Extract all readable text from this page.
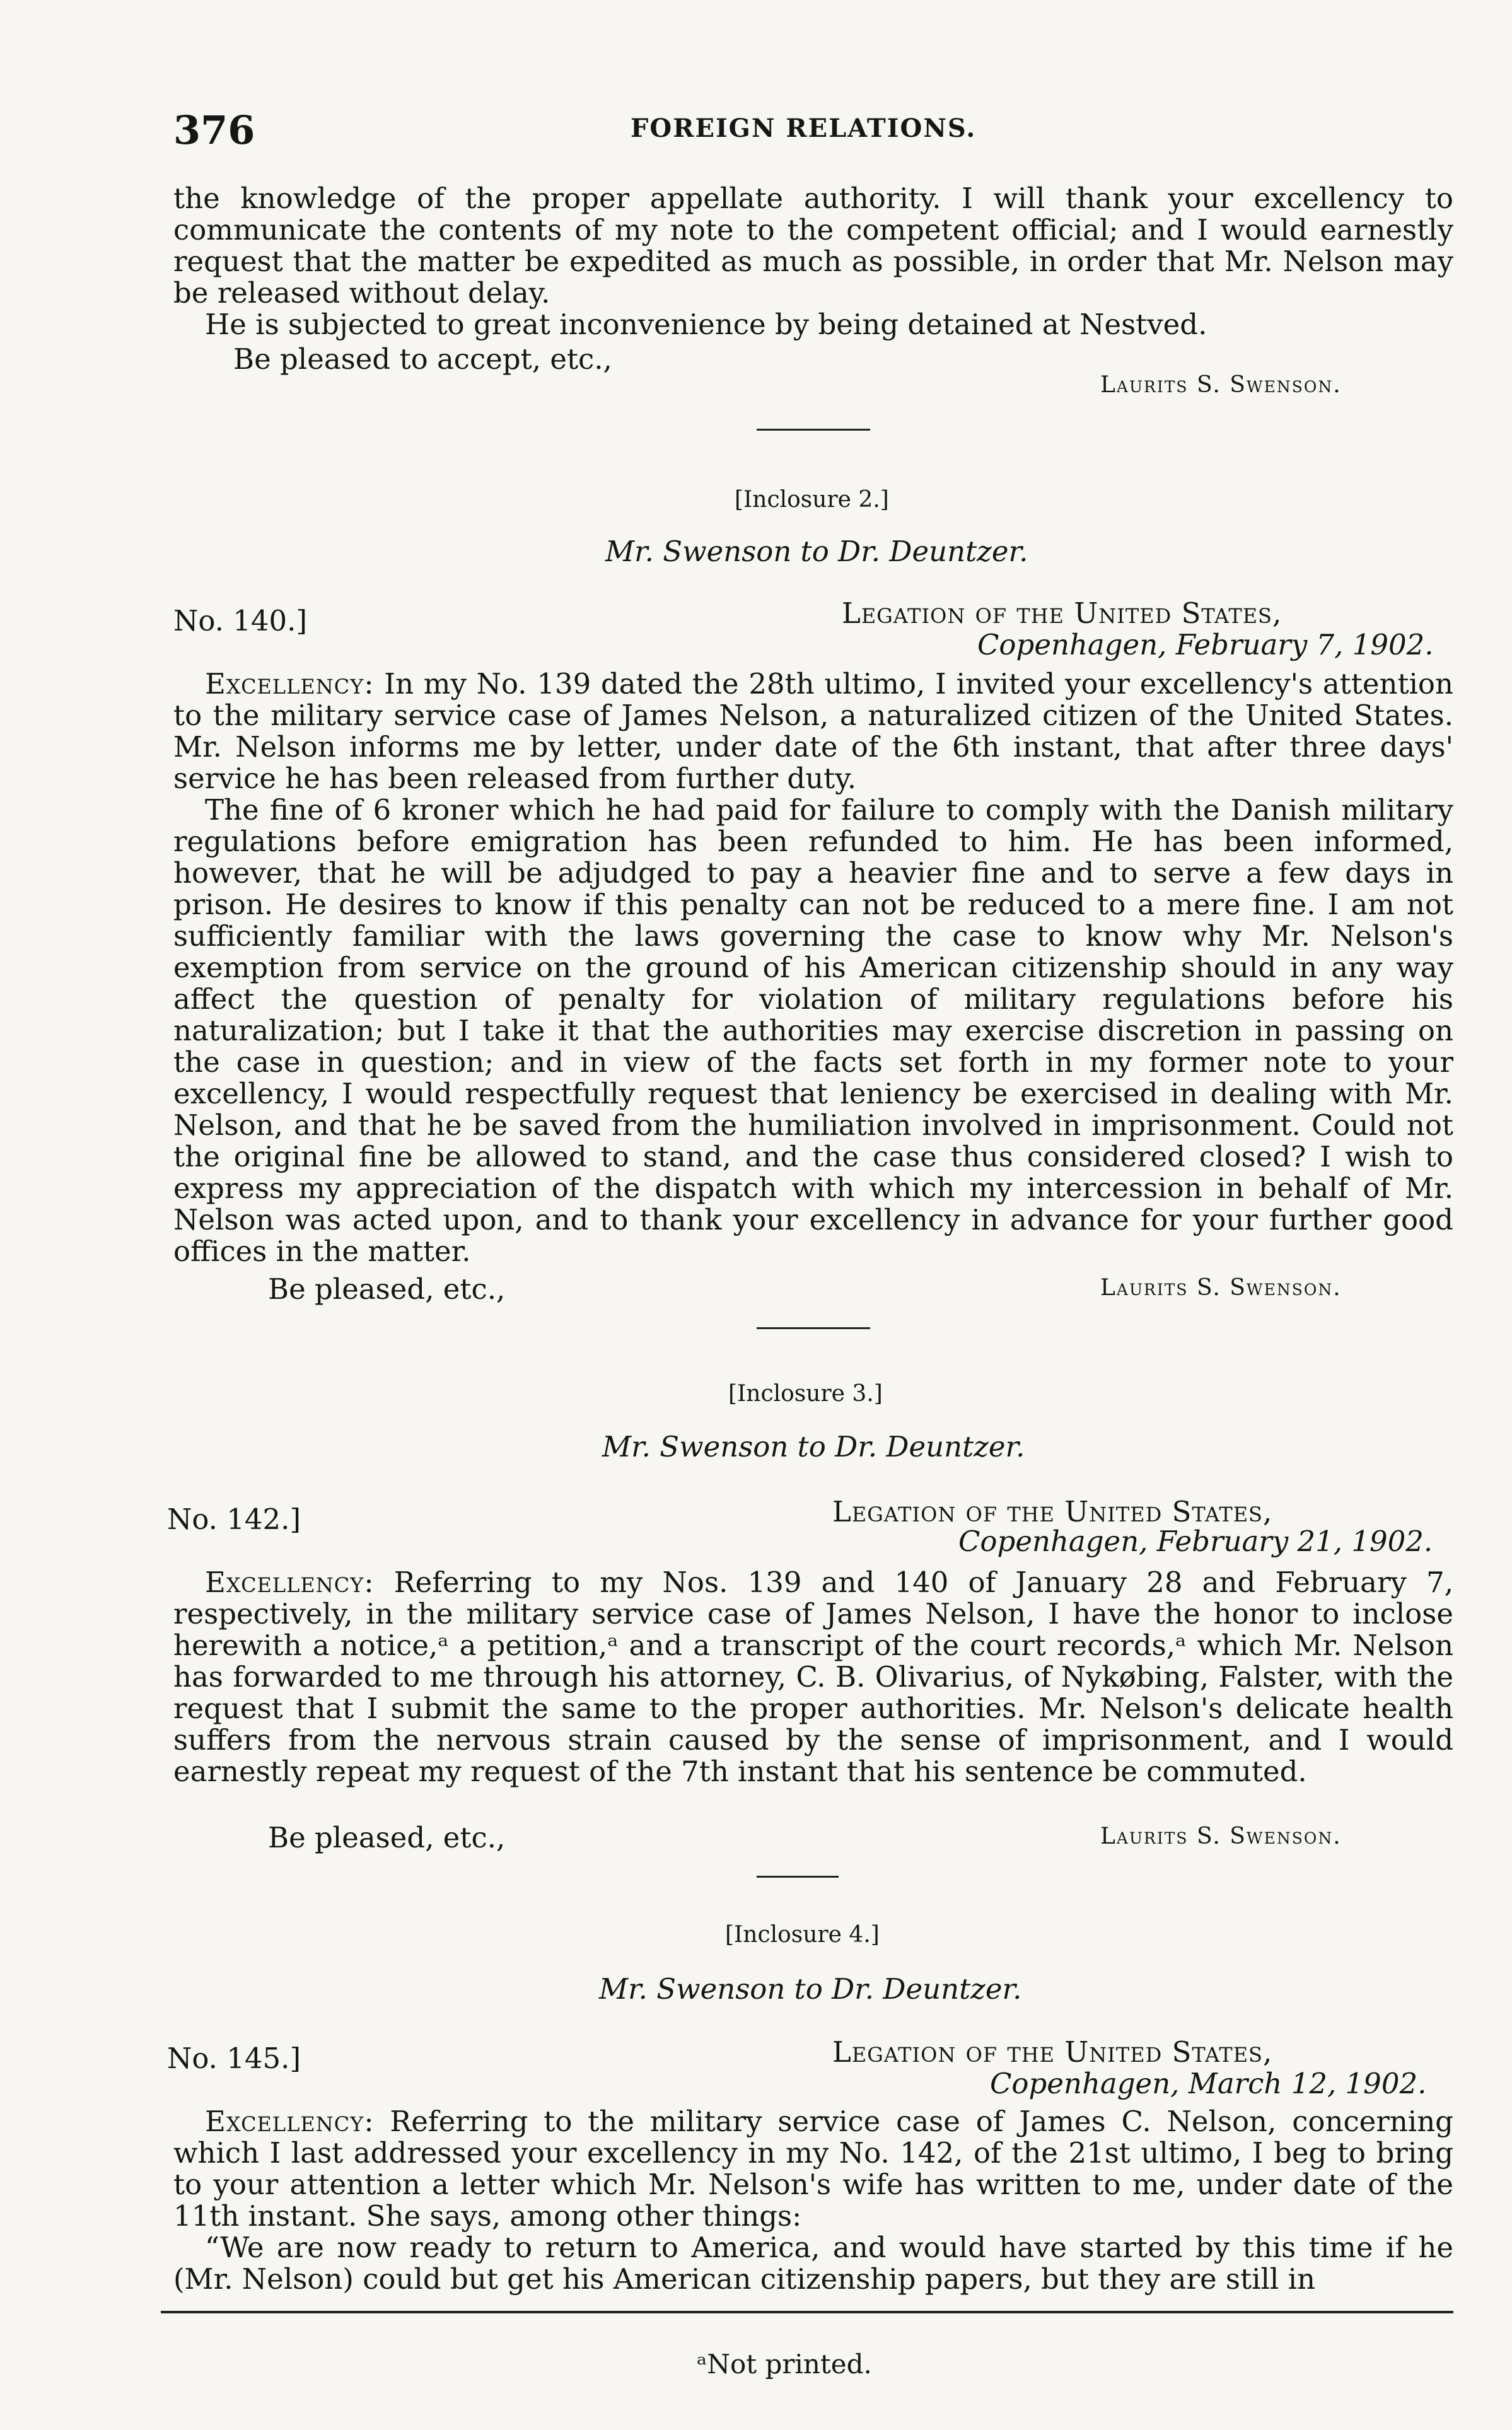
376	FOREIGN RELATIONS.

the knowledge of the proper appellate authority. I will thank your excellency to communicate the contents of my note to the competent official; and I would earnestly request that the matter be expedited as much as possible, in order that Mr. Nelson may be released without delay.

He is subjected to great inconvenience by being detained at Nestved.

Be pleased to accept, etc.,
Laurits S. Swenson.
[Inclosure 2.]
Mr. Swenson to Dr. Deuntzer.
No. 140.]	Legation of the United States,
Copenhagen, February 7, 1902.

Excellency: In my No. 139 dated the 28th ultimo, I invited your excellency's attention to the military service case of James Nelson, a naturalized citizen of the United States. Mr. Nelson informs me by letter, under date of the 6th instant, that after three days' service he has been released from further duty.

The fine of 6 kroner which he had paid for failure to comply with the Danish military regulations before emigration has been refunded to him. He has been informed, however, that he will be adjudged to pay a heavier fine and to serve a few days in prison. He desires to know if this penalty can not be reduced to a mere fine. I am not sufficiently familiar with the laws governing the case to know why Mr. Nelson's exemption from service on the ground of his American citizenship should in any way affect the question of penalty for violation of military regulations before his naturalization; but I take it that the authorities may exercise discretion in passing on the case in question; and in view of the facts set forth in my former note to your excellency, I would respectfully request that leniency be exercised in dealing with Mr. Nelson, and that he be saved from the humiliation involved in imprisonment. Could not the original fine be allowed to stand, and the case thus considered closed? I wish to express my appreciation of the dispatch with which my intercession in behalf of Mr. Nelson was acted upon, and to thank your excellency in advance for your further good offices in the matter.

Be pleased, etc.,	Laurits S. Swenson.
[Inclosure 3.]
Mr. Swenson to Dr. Deuntzer.
No. 142.]	Legation of the United States,
Copenhagen, February 21, 1902.

Excellency: Referring to my Nos. 139 and 140 of January 28 and February 7, respectively, in the military service case of James Nelson, I have the honor to inclose herewith a notice,ᵃ a petition,ᵃ and a transcript of the court records,ᵃ which Mr. Nelson has forwarded to me through his attorney, C. B. Olivarius, of Nykøbing, Falster, with the request that I submit the same to the proper authorities. Mr. Nelson's delicate health suffers from the nervous strain caused by the sense of imprisonment, and I would earnestly repeat my request of the 7th instant that his sentence be commuted.

Be pleased, etc.,	Laurits S. Swenson.
[Inclosure 4.]
Mr. Swenson to Dr. Deuntzer.
No. 145.]	Legation of the United States,
Copenhagen, March 12, 1902.

Excellency: Referring to the military service case of James C. Nelson, concerning which I last addressed your excellency in my No. 142, of the 21st ultimo, I beg to bring to your attention a letter which Mr. Nelson's wife has written to me, under date of the 11th instant. She says, among other things:

“We are now ready to return to America, and would have started by this time if he (Mr. Nelson) could but get his American citizenship papers, but they are still in

ᵃNot printed.
